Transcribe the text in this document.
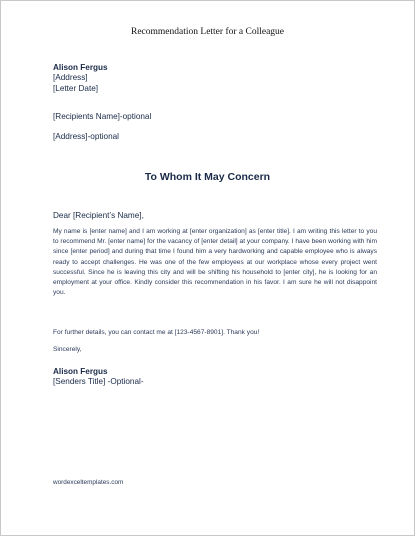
Recommendation Letter for a Colleague
Alison Fergus
[Address]
[Letter Date]
[Recipients Name]-optional
[Address]-optional
To Whom It May Concern
Dear [Recipient’s Name],
My name is [enter name] and I am working at [enter organization] as [enter title]. I am writing this letter to you to recommend Mr. [enter name] for the vacancy of [enter detail] at your company. I have been working with him since [enter period] and during that time I found him a very hardworking and capable employee who is always ready to accept challenges. He was one of the few employees at our workplace whose every project went successful. Since he is leaving this city and will be shifting his household to [enter city], he is looking for an employment at your office. Kindly consider this recommendation in his favor. I am sure he will not disappoint you.
For further details, you can contact me at [123-4567-8901]. Thank you!
Sincerely,
Alison Fergus
[Senders Title] -Optional-
wordexceltemplates.com
